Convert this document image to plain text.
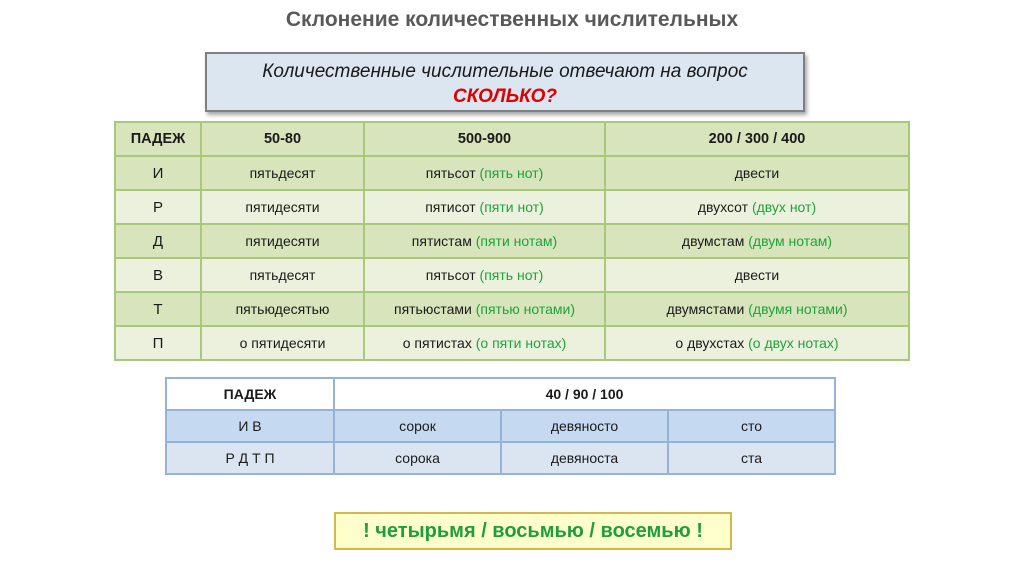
Склонение количественных числительных
Количественные числительные отвечают на вопрос
СКОЛЬКО?
ПАДЕЖ	50-80	500-900	200 / 300 / 400
И	пятьдесят	пятьсот (пять нот)	двести
Р	пятидесяти	пятисот (пяти нот)	двухсот (двух нот)
Д	пятидесяти	пятистам (пяти нотам)	двумстам (двум нотам)
В	пятьдесят	пятьсот (пять нот)	двести
Т	пятьюдесятью	пятьюстами (пятью нотами)	двумястами (двумя нотами)
П	о пятидесяти	о пятистах (о пяти нотах)	о двухстах (о двух нотах)
ПАДЕЖ	40 / 90 / 100		
И В	сорок	девяносто	сто
Р Д Т П	сорока	девяноста	ста
! четырьмя / восьмью / восемью !
